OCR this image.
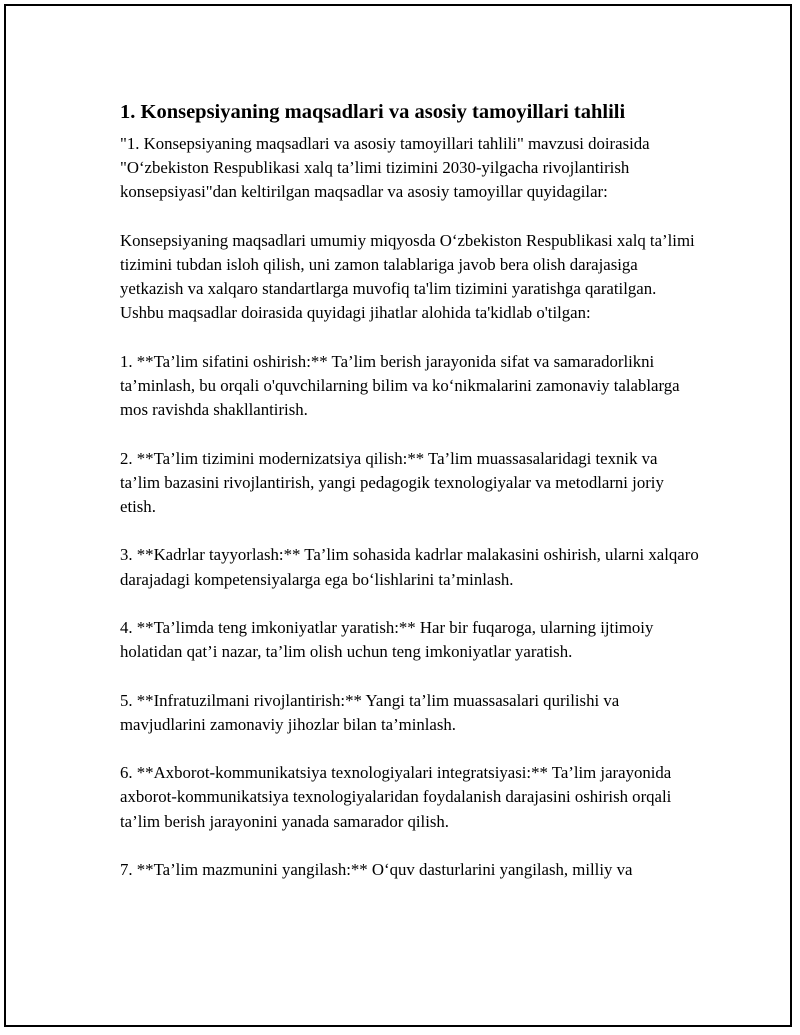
1. Konsepsiyaning maqsadlari va asosiy tamoyillari tahlili

"1. Konsepsiyaning maqsadlari va asosiy tamoyillari tahlili" mavzusi doirasida "O‘zbekiston Respublikasi xalq ta’limi tizimini 2030-yilgacha rivojlantirish konsepsiyasi"dan keltirilgan maqsadlar va asosiy tamoyillar quyidagilar:

Konsepsiyaning maqsadlari umumiy miqyosda O‘zbekiston Respublikasi xalq ta’limi tizimini tubdan isloh qilish, uni zamon talablariga javob bera olish darajasiga yetkazish va xalqaro standartlarga muvofiq ta'lim tizimini yaratishga qaratilgan. Ushbu maqsadlar doirasida quyidagi jihatlar alohida ta'kidlab o'tilgan:

1. **Ta’lim sifatini oshirish:** Ta’lim berish jarayonida sifat va samaradorlikni ta’minlash, bu orqali o'quvchilarning bilim va ko‘nikmalarini zamonaviy talablarga mos ravishda shakllantirish.

2. **Ta’lim tizimini modernizatsiya qilish:** Ta’lim muassasalaridagi texnik va ta’lim bazasini rivojlantirish, yangi pedagogik texnologiyalar va metodlarni joriy etish.

3. **Kadrlar tayyorlash:** Ta’lim sohasida kadrlar malakasini oshirish, ularni xalqaro darajadagi kompetensiyalarga ega bo‘lishlarini ta’minlash.

4. **Ta’limda teng imkoniyatlar yaratish:** Har bir fuqaroga, ularning ijtimoiy holatidan qat’i nazar, ta’lim olish uchun teng imkoniyatlar yaratish.

5. **Infratuzilmani rivojlantirish:** Yangi ta’lim muassasalari qurilishi va mavjudlarini zamonaviy jihozlar bilan ta’minlash.

6. **Axborot-kommunikatsiya texnologiyalari integratsiyasi:** Ta’lim jarayonida axborot-kommunikatsiya texnologiyalaridan foydalanish darajasini oshirish orqali ta’lim berish jarayonini yanada samarador qilish.

7. **Ta’lim mazmunini yangilash:** O‘quv dasturlarini yangilash, milliy va
